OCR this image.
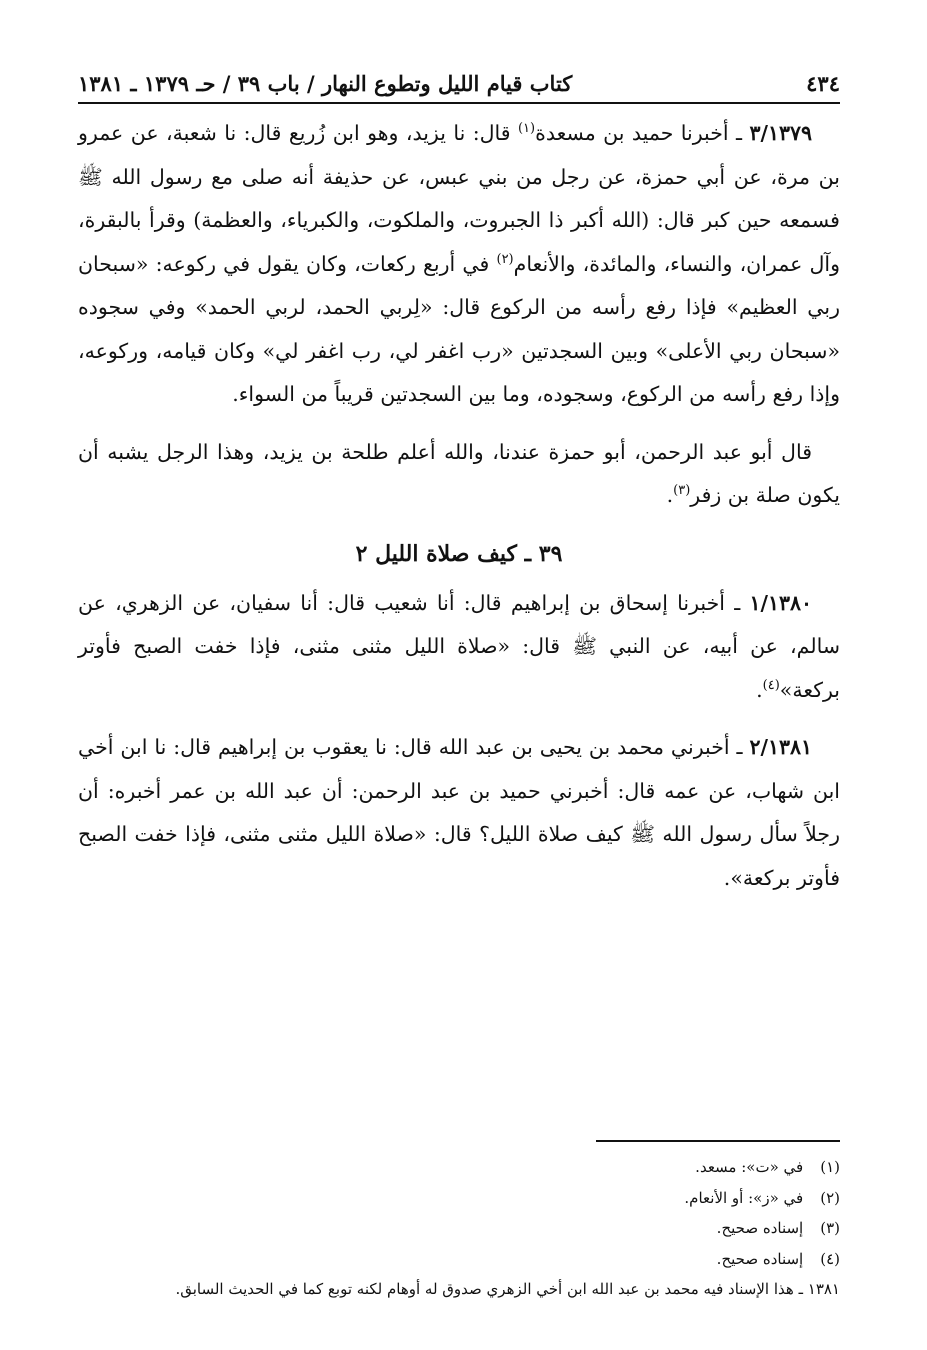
٤٣٤
كتاب قيام الليل وتطوع النهار / باب ٣٩ / حـ ١٣٧٩ ـ ١٣٨١

٣/١٣٧٩ ـ أخبرنا حميد بن مسعدة$^{(١)}$ قال: نا يزيد، وهو ابن زُريع قال: نا شعبة، عن عمرو بن مرة، عن أبي حمزة، عن رجل من بني عبس، عن حذيفة أنه صلى مع رسول الله ﷺ فسمعه حين كبر قال: (الله أكبر ذا الجبروت، والملكوت، والكبرياء، والعظمة) وقرأ بالبقرة، وآل عمران، والنساء، والمائدة، والأنعام$^{(٢)}$ في أربع ركعات، وكان يقول في ركوعه: «سبحان ربي العظيم» فإذا رفع رأسه من الركوع قال: «لِربي الحمد، لربي الحمد» وفي سجوده «سبحان ربي الأعلى» وبين السجدتين «رب اغفر لي، رب اغفر لي» وكان قيامه، وركوعه، وإذا رفع رأسه من الركوع، وسجوده، وما بين السجدتين قريباً من السواء.

قال أبو عبد الرحمن، أبو حمزة عندنا، والله أعلم طلحة بن يزيد، وهذا الرجل يشبه أن يكون صلة بن زفر$^{(٣)}$.

٣٩ ـ كيف صلاة الليل ٢

١/١٣٨٠ ـ أخبرنا إسحاق بن إبراهيم قال: أنا شعيب قال: أنا سفيان، عن الزهري، عن سالم، عن أبيه، عن النبي ﷺ قال: «صلاة الليل مثنى مثنى، فإذا خفت الصبح فأوتر بركعة»$^{(٤)}$.

٢/١٣٨١ ـ أخبرني محمد بن يحيى بن عبد الله قال: نا يعقوب بن إبراهيم قال: نا ابن أخي ابن شهاب، عن عمه قال: أخبرني حميد بن عبد الرحمن: أن عبد الله بن عمر أخبره: أن رجلاً سأل رسول الله ﷺ كيف صلاة الليل؟ قال: «صلاة الليل مثنى مثنى، فإذا خفت الصبح فأوتر بركعة».

(١) في «ت»: مسعد.
(٢) في «ز»: أو الأنعام.
(٣) إسناده صحيح.
(٤) إسناده صحيح.
١٣٨١ ـ هذا الإسناد فيه محمد بن عبد الله ابن أخي الزهري صدوق له أوهام لكنه توبع كما في الحديث السابق.
